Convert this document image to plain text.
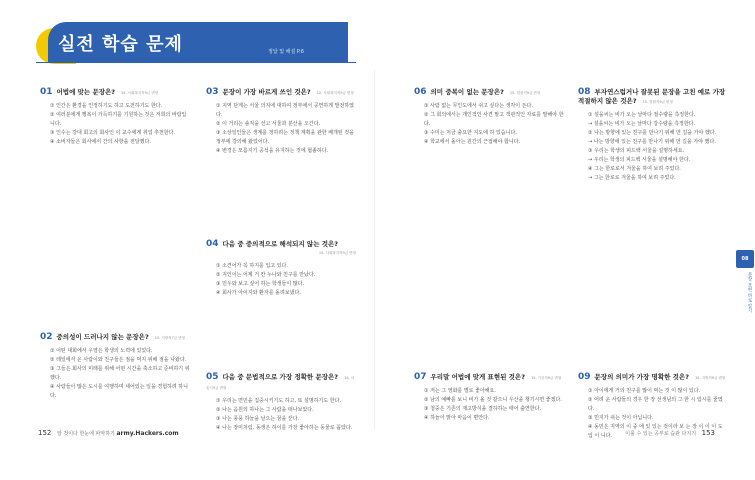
실전 학습 문제	정답 및 해설 P.6
01 어법에 맞는 문장은? 15. 사회복지직9급 변형
① 인간은 환경을 인정하기도 하고 도전하기도 한다.
② 여러분에게 행복이 가득하기를 기원하는 것은 저희의 바람입니다.
③ 인수는 강대 회고의 회사인 이 교수에게 취업 추천한다.
④ 소비자들은 회사에서 간의 사항을 전달했다.
02 중의성이 드러나지 않는 문장은? 15. 지방직7급 변형
① 어떤 대회에서 우열은 학생의 노력에 있었다.
② 레일에서 온 사람이와 친구들은 점을 먹지 위해 점을 나왔다.
③ 그들은 회사의 미래를 위해 어떤 시간을 축소하고 준비하기 위했다.
④ 사람들이 많은 도시를 여행하며 세어있는 일을 경험하려 하니다.
03 문장이 가장 바르게 쓰인 것은? 10. 사회복지직9급 변형
① 지역 단계는 서울 의지에 대하여 정부에서 공연하게 발전하였다.
② 이 거리는 솔직을 선고 서울과 분산을 오간다.
③ 소상일인들은 생계를 정하려는 정책 계획을 관한 베개된 것을 정부에 강의해 왔었이다.
④ 변경은 모름지기 공석을 유지하는 것에 협졸하다.
04 다음 중 중의적으로 해석되지 않는 것은?
15. 사회복지직9급 변형
① 소견어가 꼭 하지를 입고 있다.
② 지인이는 어제 거 칸 누나와 친구를 만났다.
③ 민우와 보고 싶어 하는 학생들이 많다.
④ 회사가 아이지와 환자를 돌려보냈다.
05 다음 중 문법적으로 가장 정확한 문장은? 15. 서울시9급 변형
① 우리는 면민을 집중시키기도 하고, 또 설명하기도 한다.
② 나는 음원의 하나는 그 사람을 떠나보았다.
③ 나는 풍풍 하늘을 날으는 꿈을 꾼다.
④ 나는 장미처럼, 동생은 하이를 가장 좋아하는 동물로 꼽았다.
06 의미 중복이 없는 문장은? 15. 법원직9급 변형
① 사람 없는 무인도에서 쉬고 싶다는 생각이 든다.
② 그 회의에서는 개인적인 사견 말고 객관적인 자료를 말해야 한다.
③ 수미는 처금 출요한 지도에 허 있습니다.
④ 학교에서 돌아는 원간의 근접해야 합니다.
07 우리말 어법에 맞게 표현된 것은? 15. 기상직9급 변형
① 저는 그 영화를 별로 좋아해요.
② 남의 예빠를 보니 비가 올 것 같으니 우산을 챙기시면 좋겠다.
③ 청중은 기존의 재고방식을 결하하는 태어 출연한다.
④ 하늘이 맑아 마음이 편안다.
08 부자연스럽거나 잘못된 문장을 고친 예로 가장 적절하지 않은 것은? 15. 법원직9급 변형
① 설을씨는 비가 오는 날마다 절수량을 측정한다.
→ 설을씨는 비가 오는 날마다 강수량을 측정한다.
② 나는 방향에 있는 친구를 만나기 위해 먼 길을 가야 했다.
→ 나는 방향에 있는 친구를 만나기 위해 먼 길을 가야 했다.
③ 우리는 학생의 피드백 서울을 설명하세요.
→ 우리는 학생의 피드백 서울을 설명해야 한다.
④ 그는 한로로서 겨울을 하여 보려 주었다.
→ 그는 한로로 겨울을 하여 보려 주었다.
09 문장의 의미가 가장 명확한 것은? 15. 지방직9급 변형
① 아이에게 거의 친구를 많이 먹는 것 이 많이 있다.
② 어려 운 사람들의 경우 한 장 선생님의 그 한 시 입시를 줄였다.
③ 민지가 쉬는 것이 아닙니다.
④ 동민은 지역의 이 중 에 있 있는 것이라 보 는 장 이 이 이 도 입 이 니다.
08
문장 표현 바로 알기
152 알 것이다 한눈에 파악하기 army.Hackers.com	이룰 수 있는 공부로 습관 다지기 153
